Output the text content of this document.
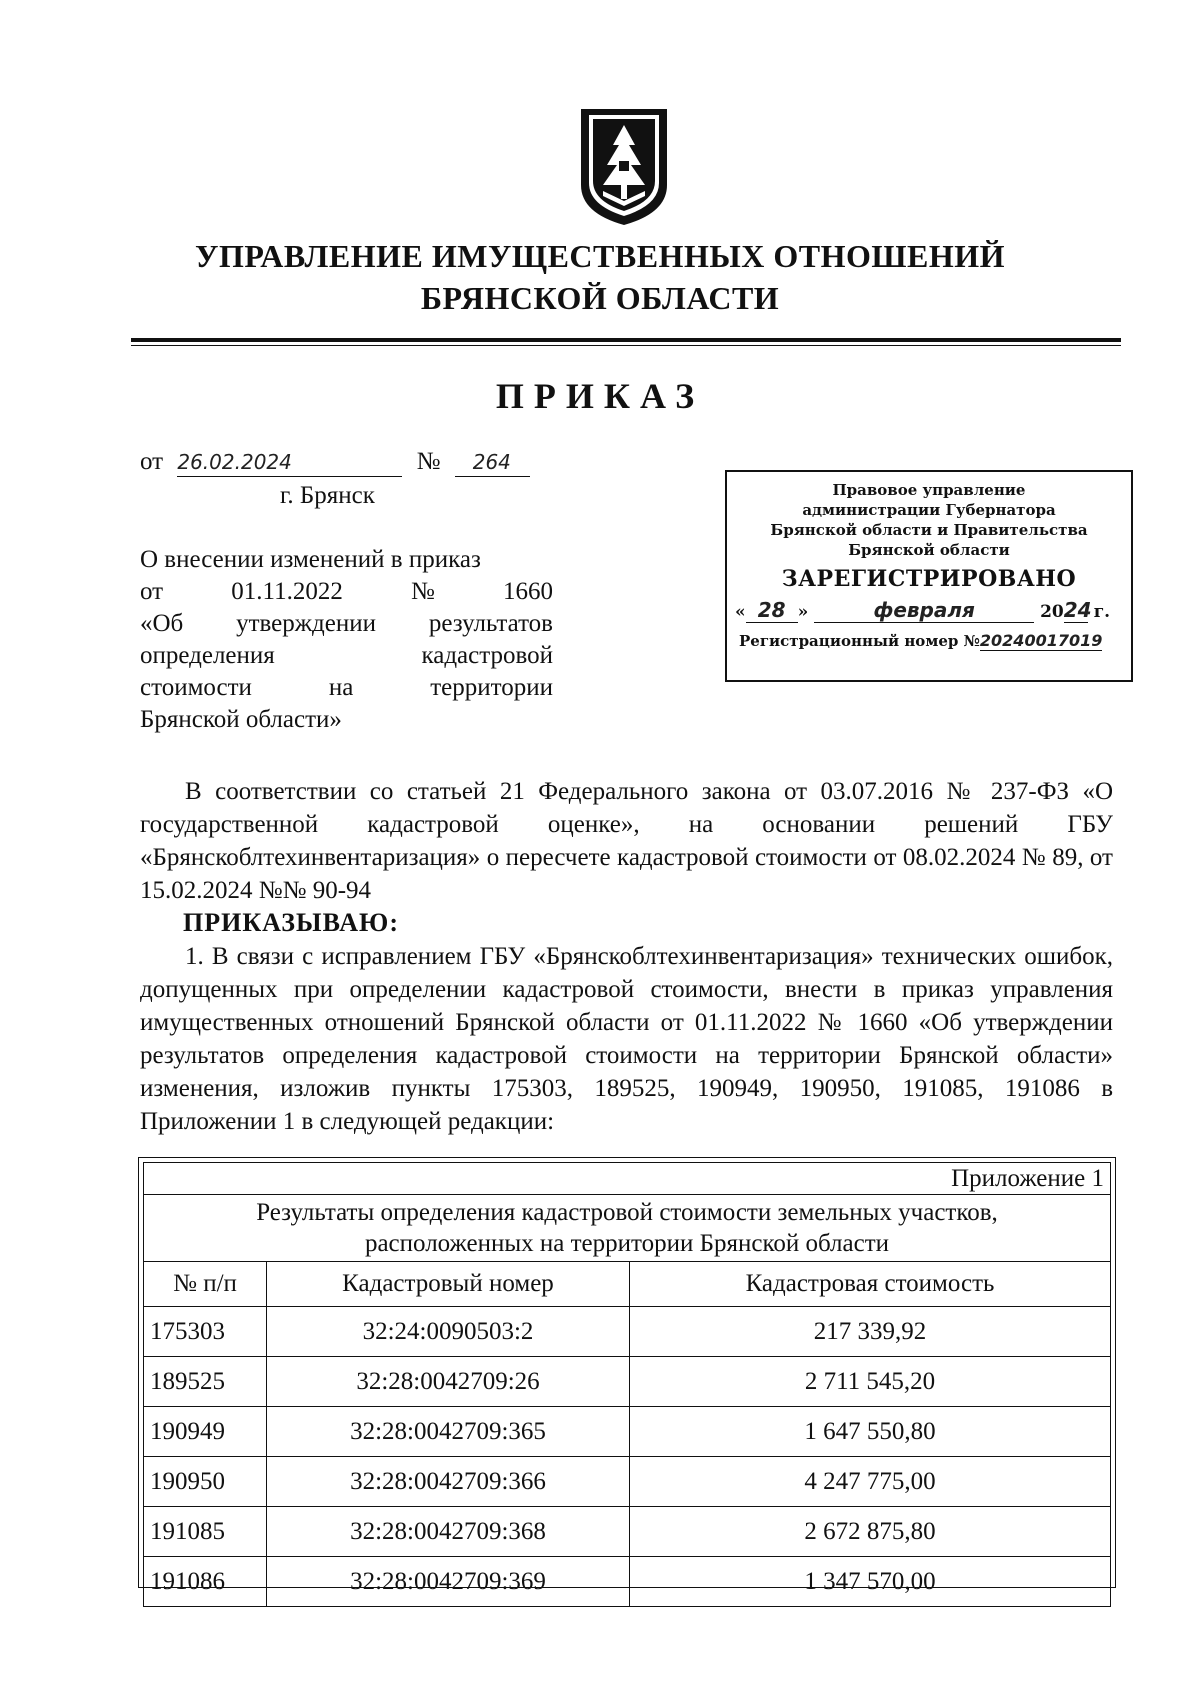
УПРАВЛЕНИЕ ИМУЩЕСТВЕННЫХ ОТНОШЕНИЙ
БРЯНСКОЙ ОБЛАСТИ
ПРИКАЗ
от 26.02.2024	№ 264
г. Брянск
О внесении изменений в приказ
от	01.11.2022	№	1660
«Об утверждении результатов
определения	кадастровой
стоимости	на	территории
Брянской области»
Правовое управление
администрации Губернатора
Брянской области и Правительства
Брянской области
ЗАРЕГИСТРИРОВАНО
« 28 »	февраля	2024 г.
Регистрационный номер №20240017019
В соответствии со статьей 21 Федерального закона от 03.07.2016 № 237-ФЗ «О государственной кадастровой оценке», на основании решений ГБУ «Брянскоблтехинвентаризация» о пересчете кадастровой стоимости от 08.02.2024 № 89, от 15.02.2024 №№ 90-94
ПРИКАЗЫВАЮ:
1. В связи с исправлением ГБУ «Брянскоблтехинвентаризация» технических ошибок, допущенных при определении кадастровой стоимости, внести в приказ управления имущественных отношений Брянской области от 01.11.2022 № 1660 «Об утверждении результатов определения кадастровой стоимости на территории Брянской области» изменения, изложив пункты 175303, 189525, 190949, 190950, 191085, 191086 в Приложении 1 в следующей редакции:
Приложение 1		

Результаты определения кадастровой стоимости земельных участков,
расположенных на территории Брянской области		

№ п/п	Кадастровый номер	Кадастровая стоимость
175303	32:24:0090503:2	217 339,92
189525	32:28:0042709:26	2 711 545,20
190949	32:28:0042709:365	1 647 550,80
190950	32:28:0042709:366	4 247 775,00
191085	32:28:0042709:368	2 672 875,80
191086	32:28:0042709:369	1 347 570,00
